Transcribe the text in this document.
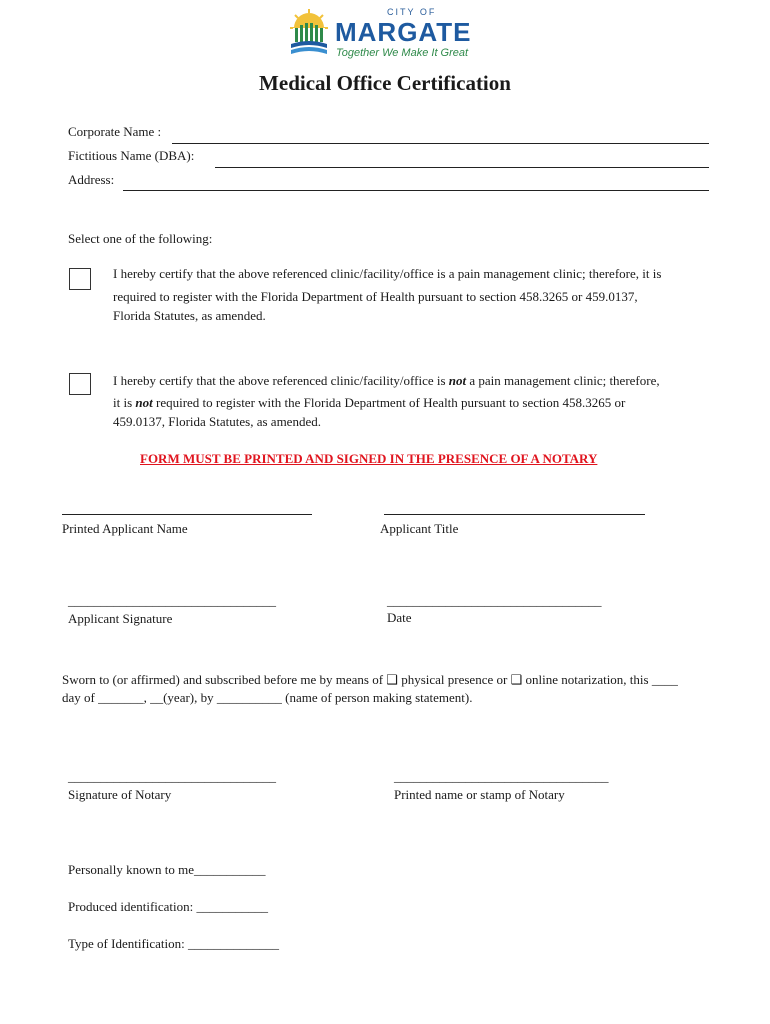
CITY OF
MARGATE
Together We Make It Great
Medical Office Certification
Corporate Name :
Fictitious Name (DBA):
Address:
Select one of the following:
I hereby certify that the above referenced clinic/facility/office is a pain management clinic; therefore, it is
required to register with the Florida Department of Health pursuant to section 458.3265 or 459.0137,
Florida Statutes, as amended.
I hereby certify that the above referenced clinic/facility/office is not a pain management clinic; therefore,
it is not required to register with the Florida Department of Health pursuant to section 458.3265 or
459.0137, Florida Statutes, as amended.
FORM MUST BE PRINTED AND SIGNED IN THE PRESENCE OF A NOTARY
Printed Applicant Name	Applicant Title
________________________________	_________________________________
Applicant Signature	Date
Sworn to (or affirmed) and subscribed before me by means of ❑ physical presence or ❑ online notarization, this ____
day of _______, __(year), by __________ (name of person making statement).
________________________________	_________________________________
Signature of Notary	Printed name or stamp of Notary
Personally known to me___________
Produced identification: ___________
Type of Identification: ______________
